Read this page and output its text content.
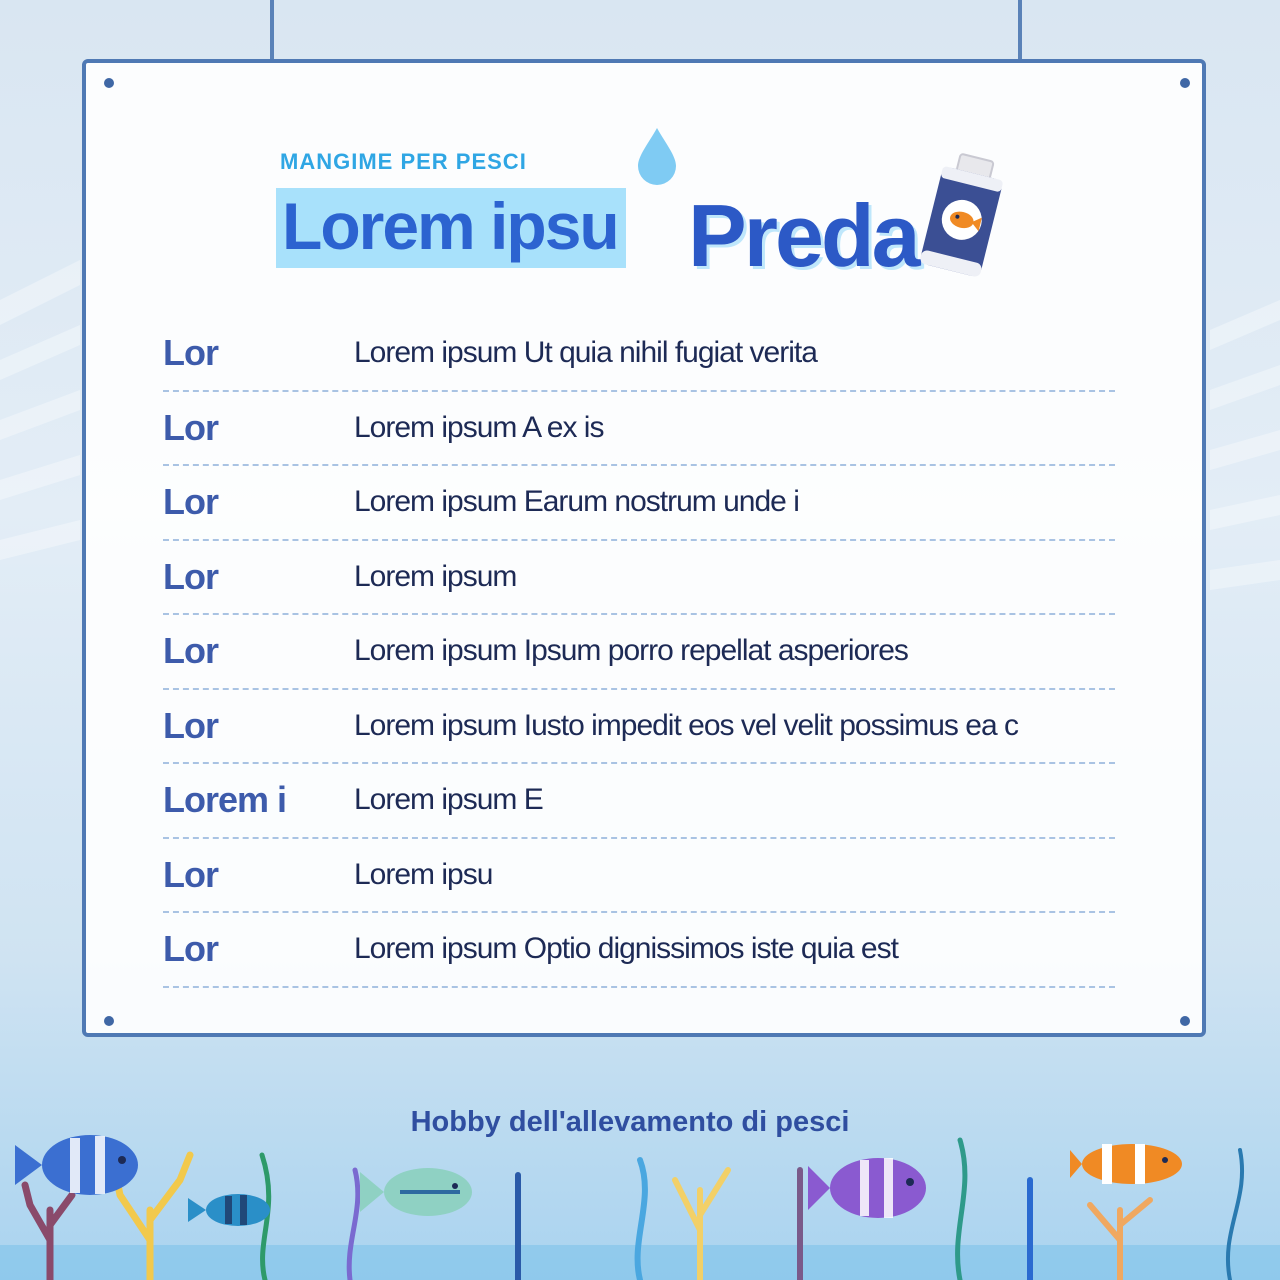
MANGIME PER PESCI
Lorem ipsu Preda
Lor	Lorem ipsum Ut quia nihil fugiat verita
Lor	Lorem ipsum A ex is
Lor	Lorem ipsum Earum nostrum unde i
Lor	Lorem ipsum
Lor	Lorem ipsum Ipsum porro repellat asperiores
Lor	Lorem ipsum Iusto impedit eos vel velit possimus ea c
Lorem i	Lorem ipsum E
Lor	Lorem ipsu
Lor	Lorem ipsum Optio dignissimos iste quia est
Hobby dell'allevamento di pesci
